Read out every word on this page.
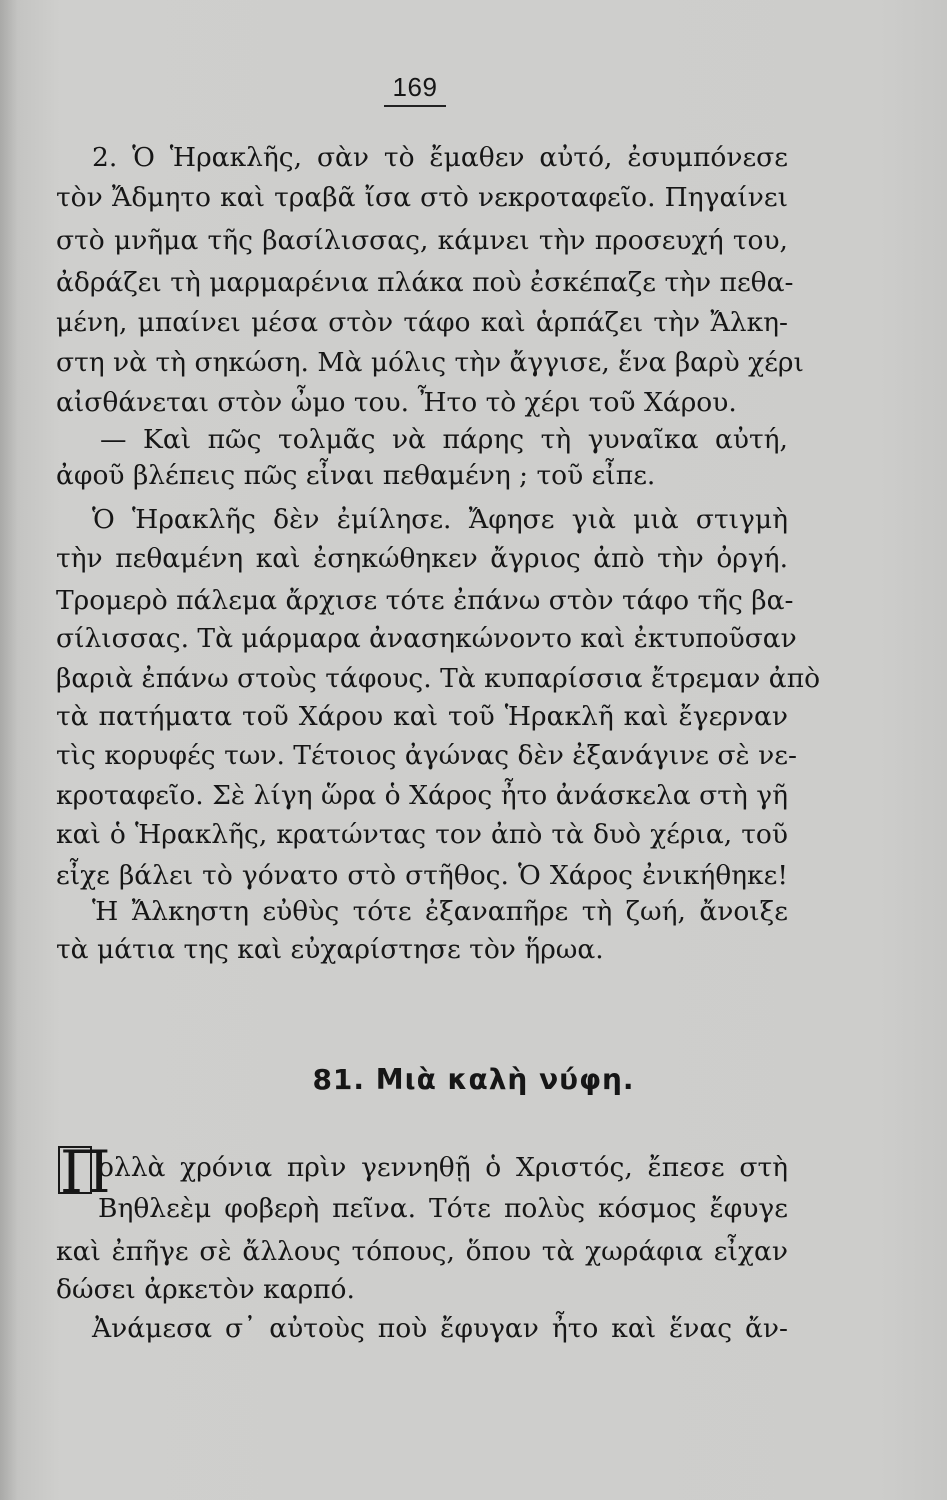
169
2. Ὁ Ἡρακλῆς, σὰν τὸ ἔμαθεν αὐτό, ἐσυμπόνεσε
τὸν Ἄδμητο καὶ τραβᾶ ἴσα στὸ νεκροταφεῖο. Πηγαίνει
στὸ μνῆμα τῆς βασίλισσας, κάμνει τὴν προσευχή του,
ἀδράζει τὴ μαρμαρένια πλάκα ποὺ ἐσκέπαζε τὴν πεθα-
μένη, μπαίνει μέσα στὸν τάφο καὶ ἁρπάζει τὴν Ἄλκη-
στη νὰ τὴ σηκώση. Μὰ μόλις τὴν ἄγγισε, ἕνα βαρὺ χέρι
αἰσθάνεται στὸν ὦμο του. Ἦτο τὸ χέρι τοῦ Χάρου.
— Καὶ πῶς τολμᾶς νὰ πάρης τὴ γυναῖκα αὐτή,
ἀφοῦ βλέπεις πῶς εἶναι πεθαμένη ; τοῦ εἶπε.
Ὁ Ἡρακλῆς δὲν ἐμίλησε. Ἄφησε γιὰ μιὰ στιγμὴ
τὴν πεθαμένη καὶ ἐσηκώθηκεν ἄγριος ἀπὸ τὴν ὀργή.
Τρομερὸ πάλεμα ἄρχισε τότε ἐπάνω στὸν τάφο τῆς βα-
σίλισσας. Τὰ μάρμαρα ἀνασηκώνοντο καὶ ἐκτυποῦσαν
βαριὰ ἐπάνω στοὺς τάφους. Τὰ κυπαρίσσια ἔτρεμαν ἀπὸ
τὰ πατήματα τοῦ Χάρου καὶ τοῦ Ἡρακλῆ καὶ ἔγερναν
τὶς κορυφές των. Τέτοιος ἀγώνας δὲν ἐξανάγινε σὲ νε-
κροταφεῖο. Σὲ λίγη ὥρα ὁ Χάρος ἦτο ἀνάσκελα στὴ γῆ
καὶ ὁ Ἡρακλῆς, κρατώντας τον ἀπὸ τὰ δυὸ χέρια, τοῦ
εἶχε βάλει τὸ γόνατο στὸ στῆθος. Ὁ Χάρος ἐνικήθηκε!
Ἡ Ἄλκηστη εὐθὺς τότε ἐξαναπῆρε τὴ ζωή, ἄνοιξε
τὰ μάτια της καὶ εὐχαρίστησε τὸν ἥρωα.
81. Μιὰ καλὴ νύφη.
Π
ολλὰ χρόνια πρὶν γεννηθῇ ὁ Χριστός, ἔπεσε στὴ
Βηθλεὲμ φοβερὴ πεῖνα. Τότε πολὺς κόσμος ἔφυγε
καὶ ἐπῆγε σὲ ἄλλους τόπους, ὅπου τὰ χωράφια εἶχαν
δώσει ἀρκετὸν καρπό.
Ἀνάμεσα σ᾽ αὐτοὺς ποὺ ἔφυγαν ἦτο καὶ ἕνας ἄν-
